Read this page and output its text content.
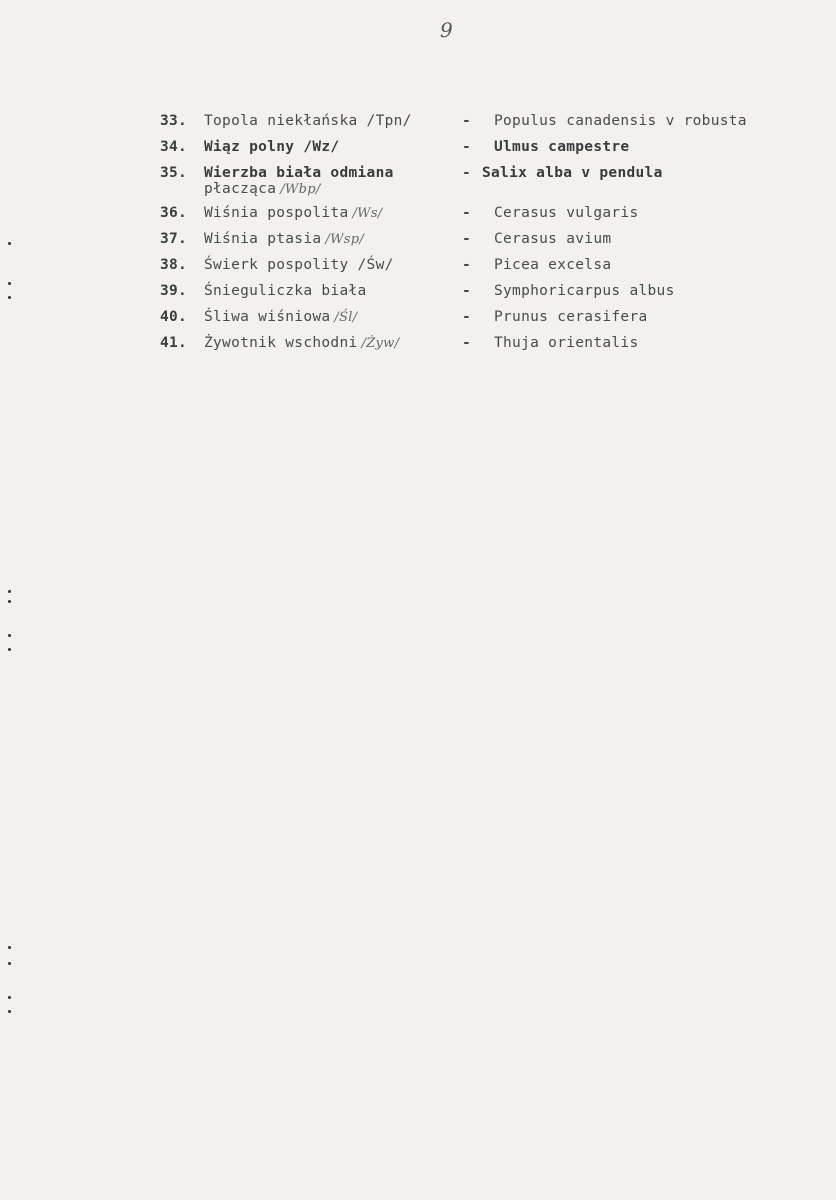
9
33. Topola niekłańska /Tpn/	- Populus canadensis v robusta
34. Wiąz polny /Wz/	- Ulmus campestre
35. Wierzba biała odmiana
płacząca /Wbp/
- Salix alba v pendula
36. Wiśnia pospolita /Ws/	- Cerasus vulgaris
37. Wiśnia ptasia /Wsp/	- Cerasus avium
38. Świerk pospolity /Św/	- Picea excelsa
39. Śnieguliczka biała	- Symphoricarpus albus
40. Śliwa wiśniowa /Śl/	- Prunus cerasifera
41. Żywotnik wschodni /Żyw/	- Thuja orientalis
